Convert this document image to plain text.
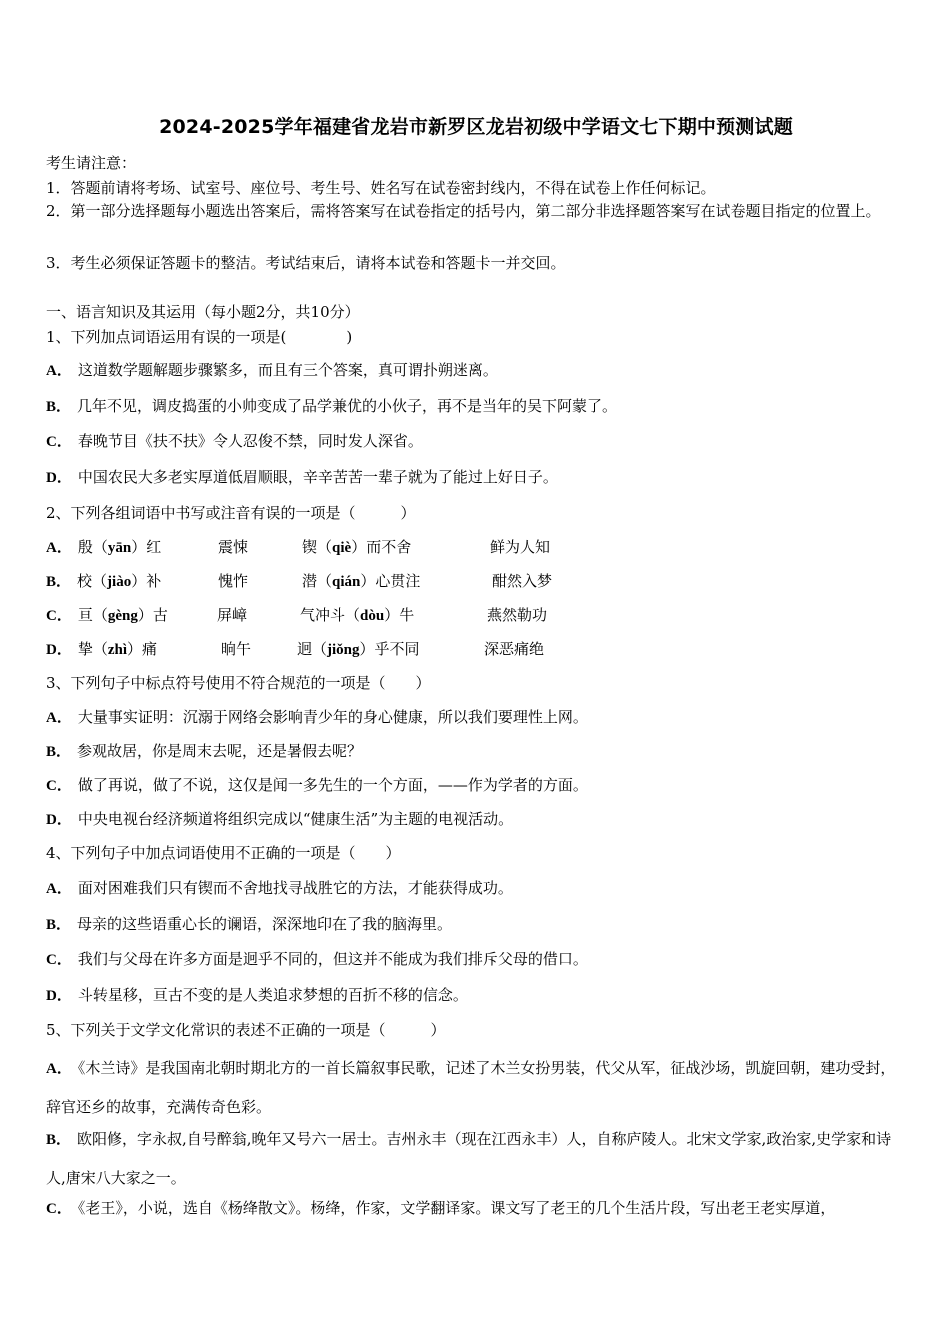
2024-2025学年福建省龙岩市新罗区龙岩初级中学语文七下期中预测试题
考生请注意：
1．答题前请将考场、试室号、座位号、考生号、姓名写在试卷密封线内，不得在试卷上作任何标记。
2．第一部分选择题每小题选出答案后，需将答案写在试卷指定的括号内，第二部分非选择题答案写在试卷题目指定的位置上。
3．考生必须保证答题卡的整洁。考试结束后，请将本试卷和答题卡一并交回。
一、语言知识及其运用（每小题2分，共10分）
1、下列加点词语运用有误的一项是(　　　　)
A． 这道数学题解题步骤繁多，而且有三个答案，真可谓扑朔迷离。
B． 几年不见，调皮捣蛋的小帅变成了品学兼优的小伙子，再不是当年的吴下阿蒙了。
C． 春晚节目《扶不扶》令人忍俊不禁，同时发人深省。
D． 中国农民大多老实厚道低眉顺眼，辛辛苦苦一辈子就为了能过上好日子。
2、下列各组词语中书写或注音有误的一项是（　　　）
A． 殷（yān）红	震悚	锲（qiè）而不舍	鲜为人知
B． 校（jiào）补	愧怍	潜（qián）心贯注	酣然入梦
C． 亘（gèng）古	屏嶂	气冲斗（dòu）牛	燕然勒功
D． 挚（zhì）痛	晌午	迥（jiǒng）乎不同	深恶痛绝
3、下列句子中标点符号使用不符合规范的一项是（　　）
A． 大量事实证明：沉溺于网络会影响青少年的身心健康，所以我们要理性上网。
B． 参观故居，你是周末去呢，还是暑假去呢？
C． 做了再说，做了不说，这仅是闻一多先生的一个方面，——作为学者的方面。
D． 中央电视台经济频道将组织完成以“健康生活”为主题的电视活动。
4、下列句子中加点词语使用不正确的一项是（　　）
A． 面对困难我们只有锲而不舍地找寻战胜它的方法，才能获得成功。
B． 母亲的这些语重心长的谰语，深深地印在了我的脑海里。
C． 我们与父母在许多方面是迥乎不同的，但这并不能成为我们排斥父母的借口。
D． 斗转星移，亘古不变的是人类追求梦想的百折不移的信念。
5、下列关于文学文化常识的表述不正确的一项是（　　　）
A． 《木兰诗》是我国南北朝时期北方的一首长篇叙事民歌，记述了木兰女扮男装，代父从军，征战沙场，凯旋回朝，建功受封，辞官还乡的故事，充满传奇色彩。
B． 欧阳修，字永叔,自号醉翁,晚年又号六一居士。吉州永丰（现在江西永丰）人，自称庐陵人。北宋文学家,政治家,史学家和诗人,唐宋八大家之一。
C． 《老王》，小说，选自《杨绛散文》。杨绛，作家，文学翻译家。课文写了老王的几个生活片段，写出老王老实厚道，
